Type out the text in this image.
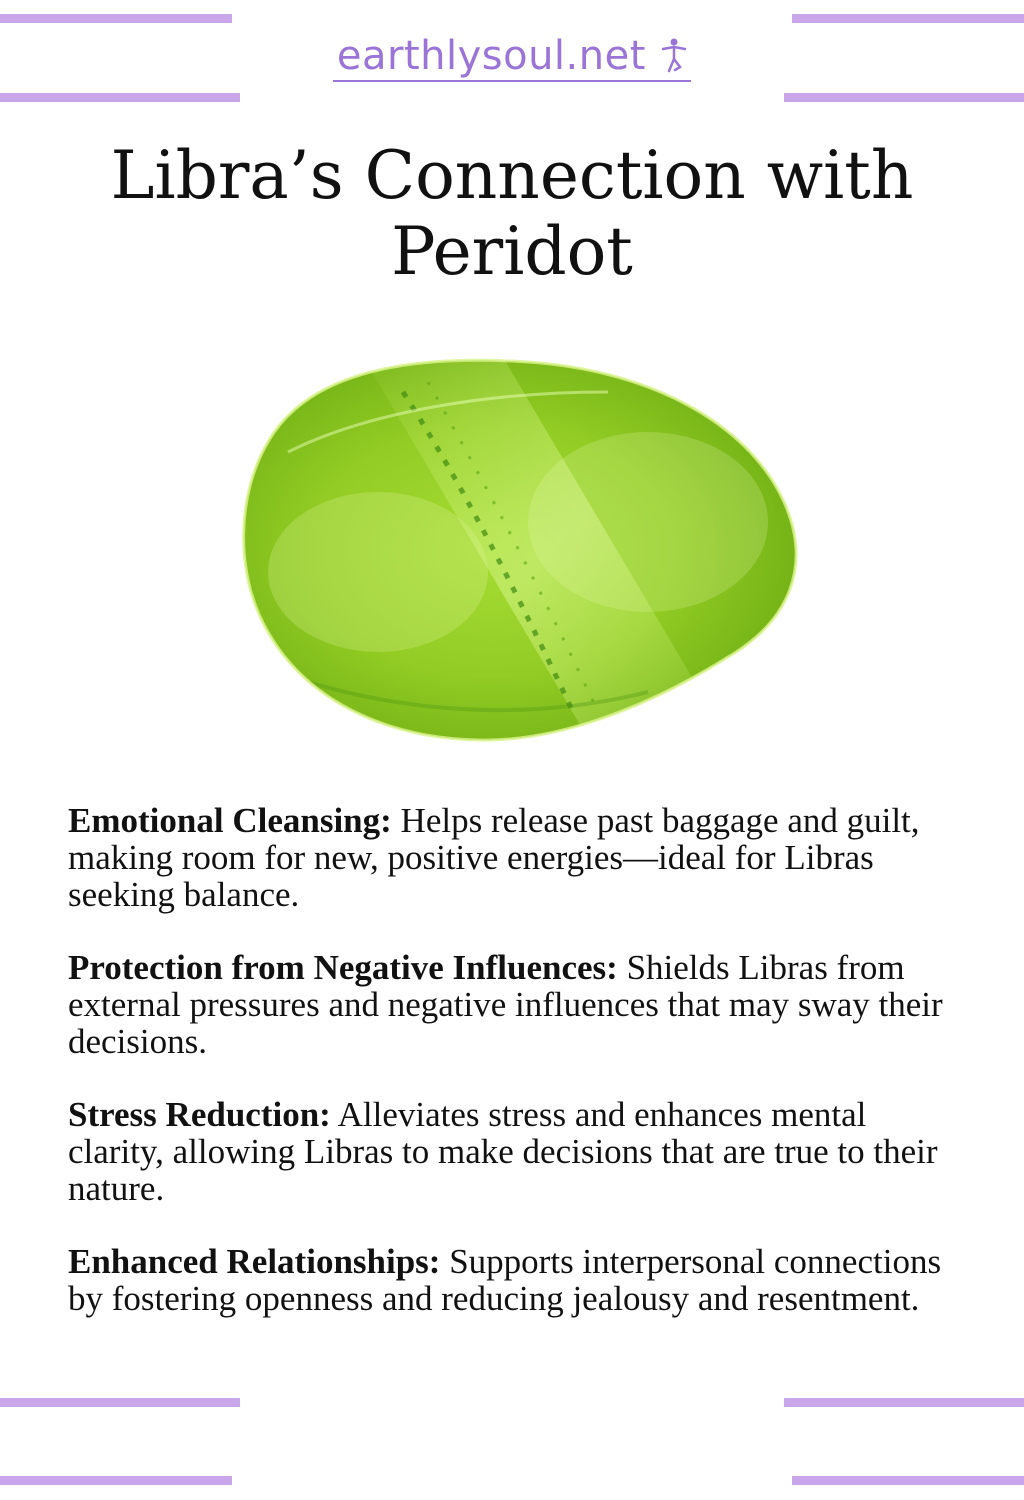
earthlysoul.net
Libra’s Connection with Peridot

Emotional Cleansing: Helps release past baggage and guilt, making room for new, positive energies—ideal for Libras seeking balance.

Protection from Negative Influences: Shields Libras from external pressures and negative influences that may sway their decisions.

Stress Reduction: Alleviates stress and enhances mental clarity, allowing Libras to make decisions that are true to their nature.

Enhanced Relationships: Supports interpersonal connections by fostering openness and reducing jealousy and resentment.
